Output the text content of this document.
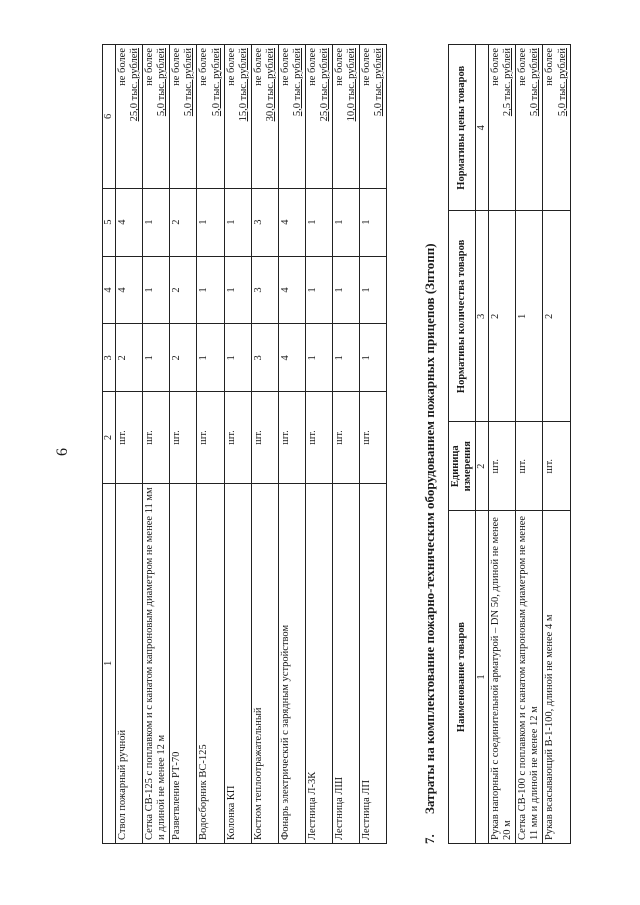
6
1	2	3	4	5	6
Ствол пожарный ручной	шт.	2	4	4	не более 25,0 тыс. рублей

Сетка СВ-125 с поплавком и с канатом капроновым диаметром не менее 11 мм и длиной не менее 12 м	шт.	1	1	1	не более 5,0 тыс. рублей

Разветвление РТ-70	шт.	2	2	2	не более 5,0 тыс. рублей

Водосборник ВС-125	шт.	1	1	1	не более 5,0 тыс. рублей

Колонка КП	шт.	1	1	1	не более 15,0 тыс. рублей

Костюм теплоотражательный	шт.	3	3	3	не более 30,0 тыс. рублей

Фонарь электрический с зарядным устройством	шт.	4	4	4	не более 5,0 тыс. рублей

Лестница Л-3К	шт.	1	1	1	не более 25,0 тыс. рублей

Лестница ЛШ	шт.	1	1	1	не более 10,0 тыс. рублей

Лестница ЛП	шт.	1	1	1	не более 5,0 тыс. рублей
7.Затраты на комплектование пожарно-техническим оборудованием пожарных прицепов (Зптопп) Наименование товаров	Единица измерения	Нормативы количества товаров	Нормативы цены товаров
1	2	3	4
Рукав напорный с соединительной арматурой – DN 50, длиной не менее 20 м	шт.	2	не более 2,5 тыс. рублей

Сетка СВ-100 с поплавком и с канатом капроновым диаметром не менее 11 мм и длиной не менее 12 м	шт.	1	не более 5,0 тыс. рублей

Рукав всасывающий В-1-100, длиной не менее 4 м	шт.	2	не более 5,0 тыс. рублей
